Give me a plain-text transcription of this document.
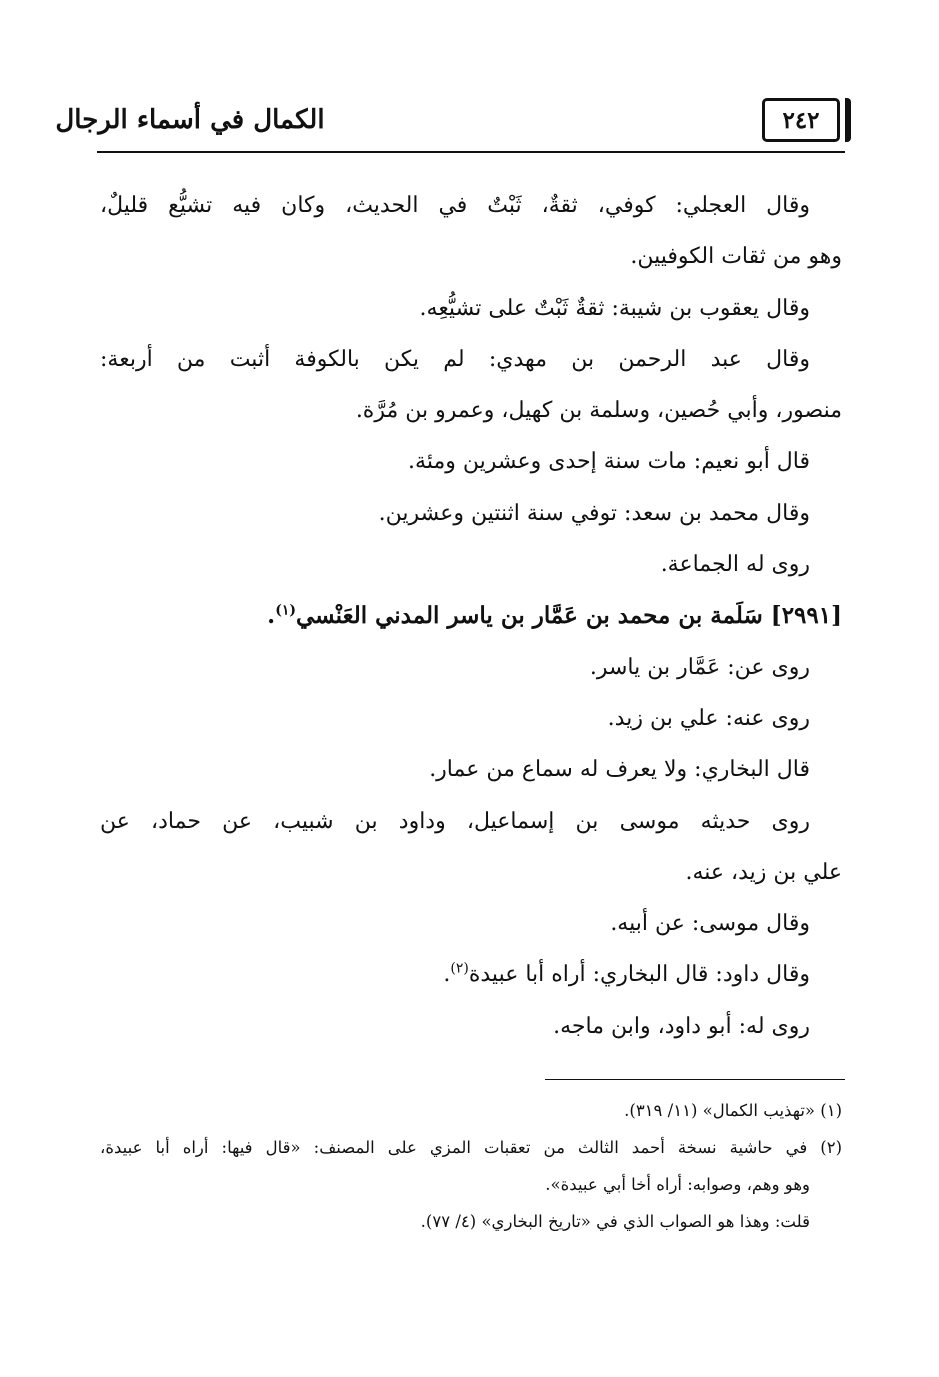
٢٤٢
الكمال في أسماء الرجال
وقال العجلي: كوفي، ثقةٌ، ثَبْتٌ في الحديث، وكان فيه تشيُّع قليلٌ،
وهو من ثقات الكوفيين.
وقال يعقوب بن شيبة: ثقةٌ ثَبْتٌ على تشيُّعِه.
وقال عبد الرحمن بن مهدي: لم يكن بالكوفة أثبت من أربعة:
منصور، وأبي حُصين، وسلمة بن كهيل، وعمرو بن مُرَّة.
قال أبو نعيم: مات سنة إحدى وعشرين ومئة.
وقال محمد بن سعد: توفي سنة اثنتين وعشرين.
روى له الجماعة.
[٢٩٩١] سَلَمة بن محمد بن عَمَّار بن ياسر المدني العَنْسي$^{(١)}$.
روى عن: عَمَّار بن ياسر.
روى عنه: علي بن زيد.
قال البخاري: ولا يعرف له سماع من عمار.
روى حديثه موسى بن إسماعيل، وداود بن شبيب، عن حماد، عن
علي بن زيد، عنه.
وقال موسى: عن أبيه.
وقال داود: قال البخاري: أراه أبا عبيدة$^{(٢)}$.
روى له: أبو داود، وابن ماجه.
(١) «تهذيب الكمال» (١١/ ٣١٩).
(٢) في حاشية نسخة أحمد الثالث من تعقبات المزي على المصنف: «قال فيها: أراه أبا عبيدة،
وهو وهم، وصوابه: أراه أخا أبي عبيدة».
قلت: وهذا هو الصواب الذي في «تاريخ البخاري» (٤/ ٧٧).
